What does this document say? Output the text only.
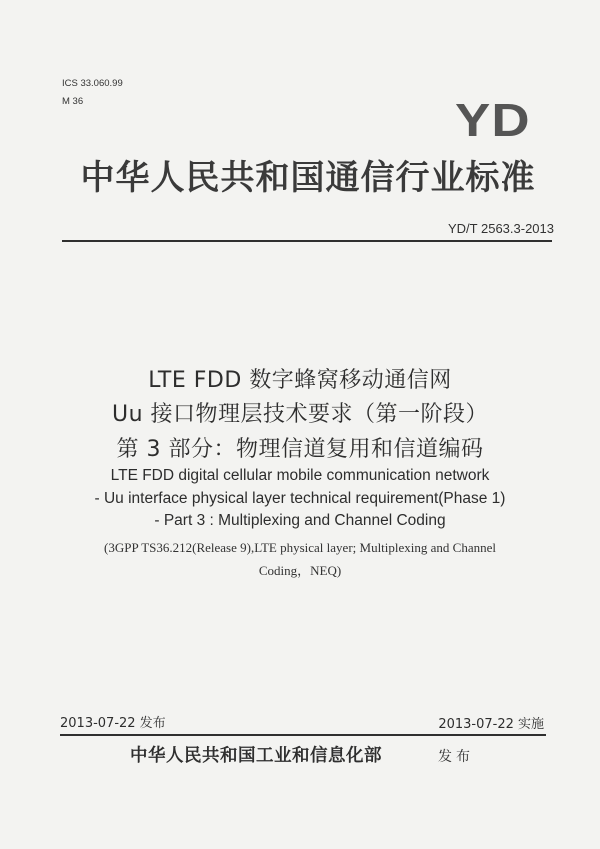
ICS 33.060.99
M 36	YD
中华人民共和国通信行业标准
YD/T 2563.3-2013
LTE FDD 数字蜂窝移动通信网
Uu 接口物理层技术要求（第一阶段）
第 3 部分：物理信道复用和信道编码
LTE FDD digital cellular mobile communication network
- Uu interface physical layer technical requirement(Phase 1)
- Part 3 : Multiplexing and Channel Coding
(3GPP TS36.212(Release 9),LTE physical layer; Multiplexing and Channel
Coding，NEQ)
2013-07-22 发布	2013-07-22 实施
中华人民共和国工业和信息化部	发布
